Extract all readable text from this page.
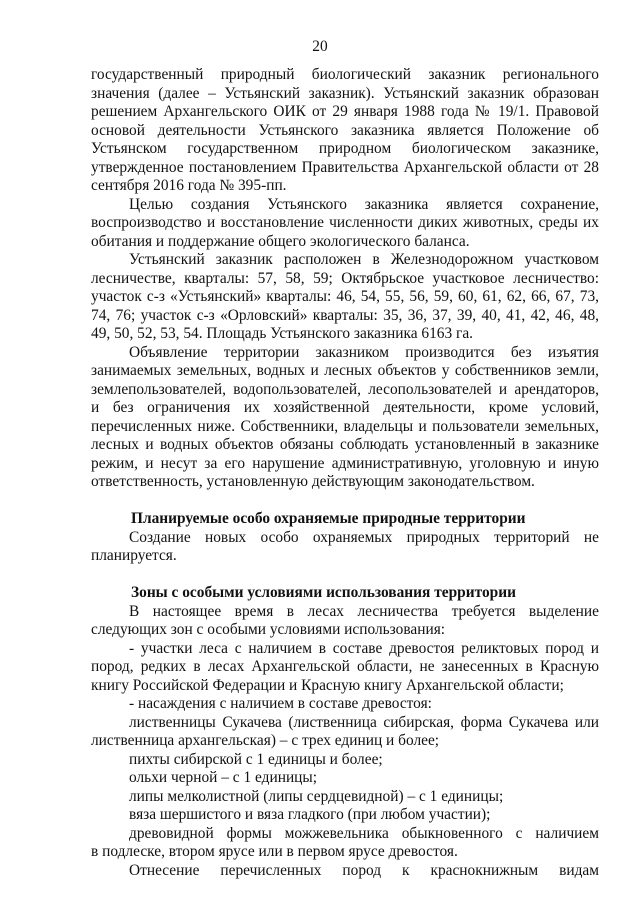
20
государственный природный биологический заказник регионального
значения (далее – Устьянский заказник). Устьянский заказник образован
решением Архангельского ОИК от 29 января 1988 года № 19/1. Правовой
основой деятельности Устьянского заказника является Положение об
Устьянском государственном природном биологическом заказнике,
утвержденное постановлением Правительства Архангельской области от 28
сентября 2016 года № 395-пп.
Целью создания Устьянского заказника является сохранение,
воспроизводство и восстановление численности диких животных, среды их
обитания и поддержание общего экологического баланса.
Устьянский заказник расположен в Железнодорожном участковом
лесничестве, кварталы: 57, 58, 59; Октябрьское участковое лесничество:
участок с-з «Устьянский» кварталы: 46, 54, 55, 56, 59, 60, 61, 62, 66, 67, 73,
74, 76; участок с-з «Орловский» кварталы: 35, 36, 37, 39, 40, 41, 42, 46, 48,
49, 50, 52, 53, 54. Площадь Устьянского заказника 6163 га.
Объявление территории заказником производится без изъятия
занимаемых земельных, водных и лесных объектов у собственников земли,
землепользователей, водопользователей, лесопользователей и арендаторов,
и без ограничения их хозяйственной деятельности, кроме условий,
перечисленных ниже. Собственники, владельцы и пользователи земельных,
лесных и водных объектов обязаны соблюдать установленный в заказнике
режим, и несут за его нарушение административную, уголовную и иную
ответственность, установленную действующим законодательством.
Планируемые особо охраняемые природные территории
Создание новых особо охраняемых природных территорий не
планируется.
Зоны с особыми условиями использования территории
В настоящее время в лесах лесничества требуется выделение
следующих зон с особыми условиями использования:
- участки леса с наличием в составе древостоя реликтовых пород и
пород, редких в лесах Архангельской области, не занесенных в Красную
книгу Российской Федерации и Красную книгу Архангельской области;
- насаждения с наличием в составе древостоя:
лиственницы Сукачева (лиственница сибирская, форма Сукачева или
лиственница архангельская) – с трех единиц и более;
пихты сибирской с 1 единицы и более;
ольхи черной – с 1 единицы;
липы мелколистной (липы сердцевидной) – с 1 единицы;
вяза шершистого и вяза гладкого (при любом участии);
древовидной формы можжевельника обыкновенного с наличием
в подлеске, втором ярусе или в первом ярусе древостоя.
Отнесение перечисленных пород к краснокнижным видам
